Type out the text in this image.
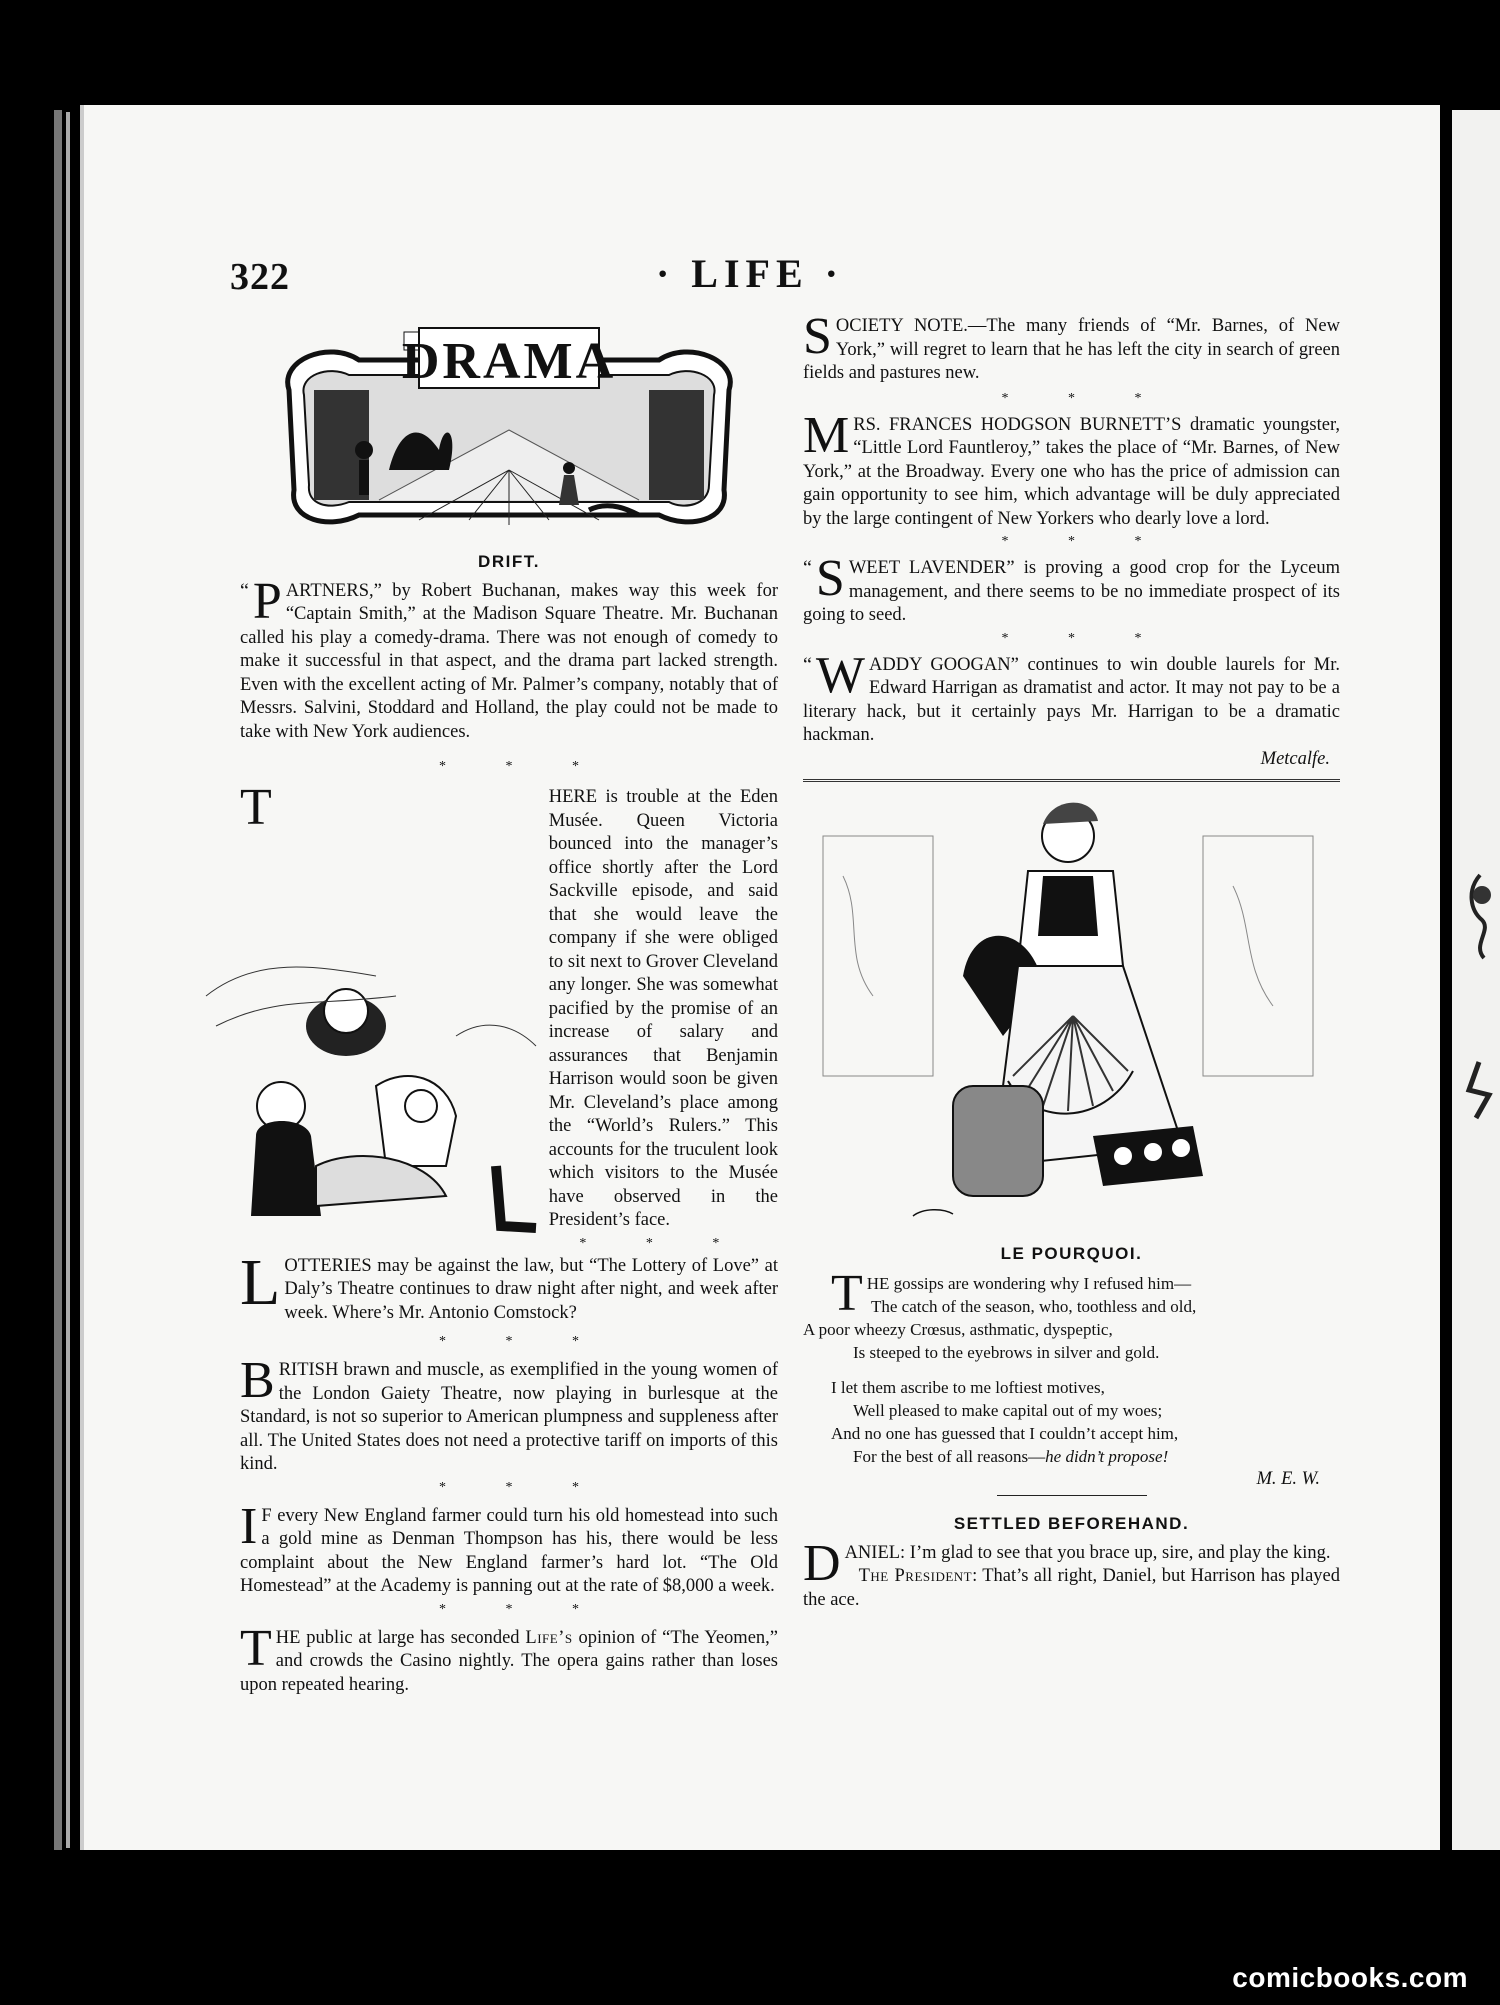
322	· LIFE ·
DRAMA
DRIFT.
“ P ARTNERS,” by Robert Buchanan, makes way this week for “Captain Smith,” at the Madison Square Theatre. Mr. Buchanan called his play a comedy-drama. There was not enough of comedy to make it successful in that aspect, and the drama part lacked strength. Even with the excellent acting of Mr. Palmer’s company, notably that of Messrs. Salvini, Stoddard and Holland, the play could not be made to take with New York audiences.
* * *
T	HERE is trouble at the Eden Musée. Queen Victoria bounced into the manager’s office shortly after the Lord Sackville episode, and said that she would leave the company if she were obliged to sit next to Grover Cleveland any longer. She was somewhat pacified by the promise of an increase of salary and assurances that Benjamin Harrison would soon be given Mr. Cleveland’s place among the “World’s Rulers.” This accounts for the truculent look which visitors to the Musée have observed in the President’s face.
* * *
L OTTERIES may be against the law, but “The Lottery of Love” at Daly’s Theatre continues to draw night after night, and week after week. Where’s Mr. Antonio Comstock?
* * *
B RITISH brawn and muscle, as exemplified in the young women of the London Gaiety Theatre, now playing in burlesque at the Standard, is not so superior to American plumpness and suppleness after all. The United States does not need a protective tariff on imports of this kind.
* * *
I F every New England farmer could turn his old homestead into such a gold mine as Denman Thompson has his, there would be less complaint about the New England farmer’s hard lot. “The Old Homestead” at the Academy is panning out at the rate of $8,000 a week.
* * *
T HE public at large has seconded Life’s opinion of “The Yeomen,” and crowds the Casino nightly. The opera gains rather than loses upon repeated hearing.
S OCIETY NOTE.—The many friends of “Mr. Barnes, of New York,” will regret to learn that he has left the city in search of green fields and pastures new.
* * *
M RS. FRANCES HODGSON BURNETT’S dramatic youngster, “Little Lord Fauntleroy,” takes the place of “Mr. Barnes, of New York,” at the Broadway. Every one who has the price of admission can gain opportunity to see him, which advantage will be duly appreciated by the large contingent of New Yorkers who dearly love a lord.
* * *
“ S WEET LAVENDER” is proving a good crop for the Lyceum management, and there seems to be no immediate prospect of its going to seed.
* * *
“ W ADDY GOOGAN” continues to win double laurels for Mr. Edward Harrigan as dramatist and actor. It may not pay to be a literary hack, but it certainly pays Mr. Harrigan to be a dramatic hackman.
Metcalfe.
LE POURQUOI.
T HE gossips are wondering why I refused him—
The catch of the season, who, toothless and old,
A poor wheezy Crœsus, asthmatic, dyspeptic,
Is steeped to the eyebrows in silver and gold.
I let them ascribe to me loftiest motives,
Well pleased to make capital out of my woes;
And no one has guessed that I couldn’t accept him,
For the best of all reasons—he didn’t propose!
M. E. W.
SETTLED BEFOREHAND.
D ANIEL: I’m glad to see that you brace up, sire, and play the king.
The President: That’s all right, Daniel, but Harrison has played the ace.
comicbooks.com
